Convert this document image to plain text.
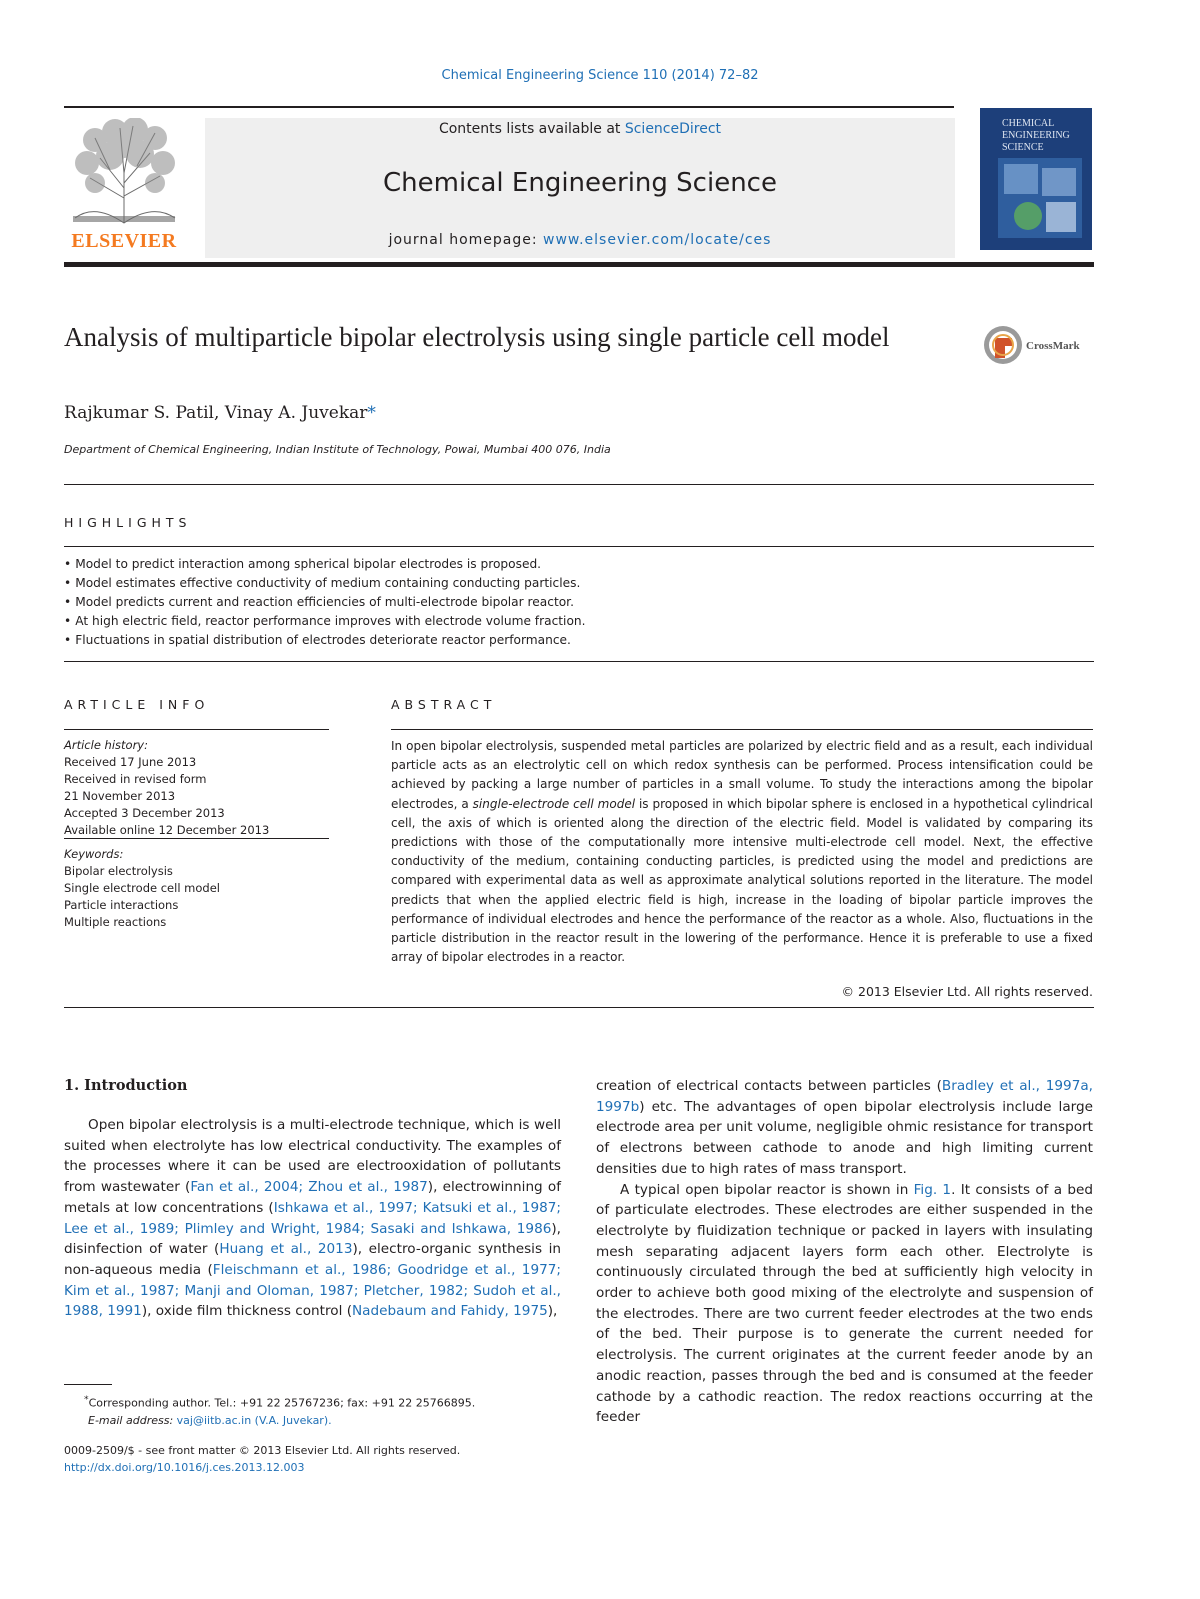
Chemical Engineering Science 110 (2014) 72–82
ELSEVIER
Contents lists available at ScienceDirect
Chemical Engineering Science
journal homepage: www.elsevier.com/locate/ces
CHEMICAL ENGINEERING SCIENCE
Analysis of multiparticle bipolar electrolysis using single particle cell model	CrossMark
Rajkumar S. Patil, Vinay A. Juvekar*
Department of Chemical Engineering, Indian Institute of Technology, Powai, Mumbai 400 076, India
HIGHLIGHTS
• Model to predict interaction among spherical bipolar electrodes is proposed.
• Model estimates effective conductivity of medium containing conducting particles.
• Model predicts current and reaction efficiencies of multi-electrode bipolar reactor.
• At high electric field, reactor performance improves with electrode volume fraction.
• Fluctuations in spatial distribution of electrodes deteriorate reactor performance.
ARTICLE INFO
Article history:
Received 17 June 2013
Received in revised form
21 November 2013
Accepted 3 December 2013
Available online 12 December 2013
Keywords:
Bipolar electrolysis
Single electrode cell model
Particle interactions
Multiple reactions
ABSTRACT
In open bipolar electrolysis, suspended metal particles are polarized by electric field and as a result, each individual particle acts as an electrolytic cell on which redox synthesis can be performed. Process intensification could be achieved by packing a large number of particles in a small volume. To study the interactions among the bipolar electrodes, a single-electrode cell model is proposed in which bipolar sphere is enclosed in a hypothetical cylindrical cell, the axis of which is oriented along the direction of the electric field. Model is validated by comparing its predictions with those of the computationally more intensive multi-electrode cell model. Next, the effective conductivity of the medium, containing conducting particles, is predicted using the model and predictions are compared with experimental data as well as approximate analytical solutions reported in the literature. The model predicts that when the applied electric field is high, increase in the loading of bipolar particle improves the performance of individual electrodes and hence the performance of the reactor as a whole. Also, fluctuations in the particle distribution in the reactor result in the lowering of the performance. Hence it is preferable to use a fixed array of bipolar electrodes in a reactor.
© 2013 Elsevier Ltd. All rights reserved.
1. Introduction

Open bipolar electrolysis is a multi-electrode technique, which is well suited when electrolyte has low electrical conductivity. The examples of the processes where it can be used are electrooxidation of pollutants from wastewater (Fan et al., 2004; Zhou et al., 1987), electrowinning of metals at low concentrations (Ishkawa et al., 1997; Katsuki et al., 1987; Lee et al., 1989; Plimley and Wright, 1984; Sasaki and Ishkawa, 1986), disinfection of water (Huang et al., 2013), electro-organic synthesis in non-aqueous media (Fleischmann et al., 1986; Goodridge et al., 1977; Kim et al., 1987; Manji and Oloman, 1987; Pletcher, 1982; Sudoh et al., 1988, 1991), oxide film thickness control (Nadebaum and Fahidy, 1975),

creation of electrical contacts between particles (Bradley et al., 1997a, 1997b) etc. The advantages of open bipolar electrolysis include large electrode area per unit volume, negligible ohmic resistance for transport of electrons between cathode to anode and high limiting current densities due to high rates of mass transport.

A typical open bipolar reactor is shown in Fig. 1. It consists of a bed of particulate electrodes. These electrodes are either suspended in the electrolyte by fluidization technique or packed in layers with insulating mesh separating adjacent layers form each other. Electrolyte is continuously circulated through the bed at sufficiently high velocity in order to achieve both good mixing of the electrolyte and suspension of the electrodes. There are two current feeder electrodes at the two ends of the bed. Their purpose is to generate the current needed for electrolysis. The current originates at the current feeder anode by an anodic reaction, passes through the bed and is consumed at the feeder cathode by a cathodic reaction. The redox reactions occurring at the feeder

*Corresponding author. Tel.: +91 22 25767236; fax: +91 22 25766895.
E-mail address: vaj@iitb.ac.in (V.A. Juvekar).
0009-2509/$ - see front matter © 2013 Elsevier Ltd. All rights reserved.
http://dx.doi.org/10.1016/j.ces.2013.12.003
